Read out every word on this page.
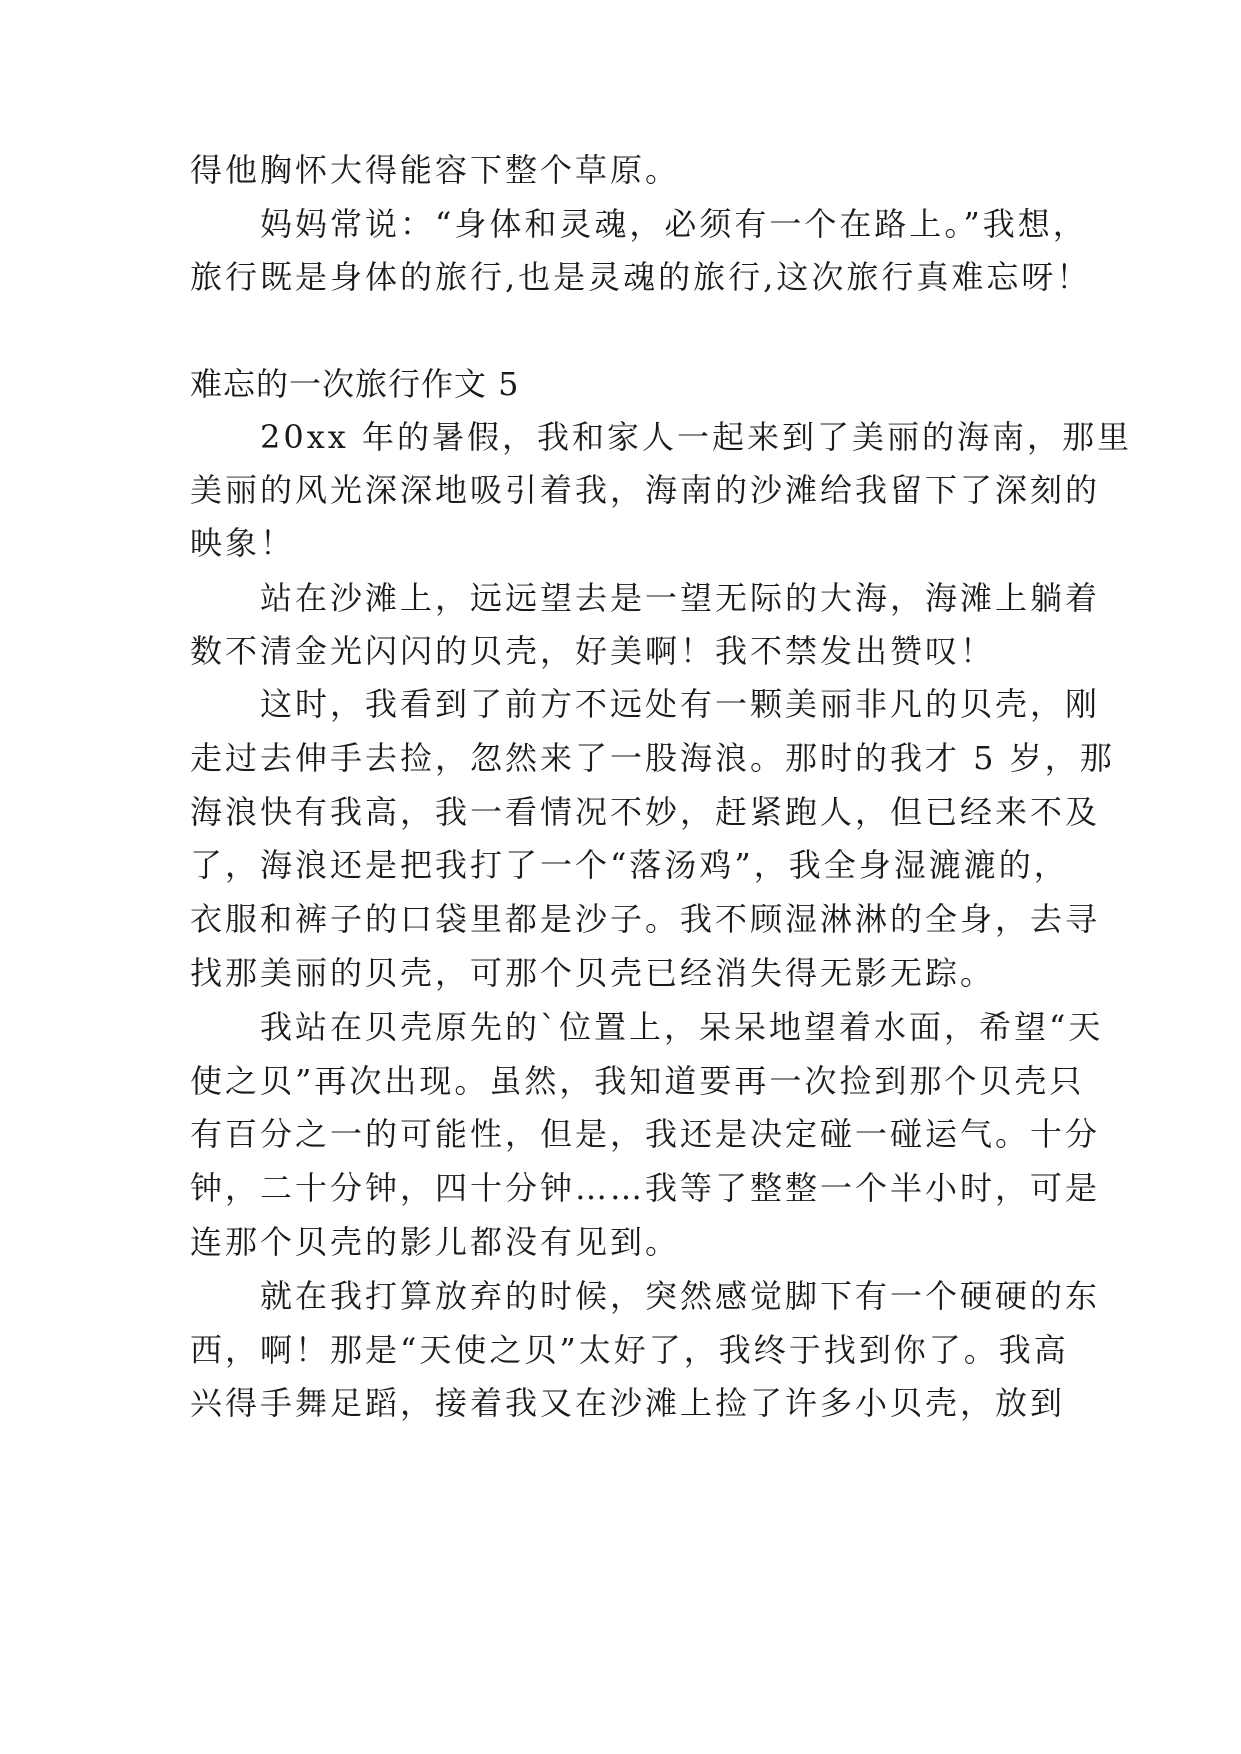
得他胸怀大得能容下整个草原。
　　妈妈常说：“身体和灵魂，必须有一个在路上。”我想，
旅行既是身体的旅行,也是灵魂的旅行,这次旅行真难忘呀！
难忘的一次旅行作文 5
　　20xx 年的暑假，我和家人一起来到了美丽的海南，那里
美丽的风光深深地吸引着我，海南的沙滩给我留下了深刻的
映象！
　　站在沙滩上，远远望去是一望无际的大海，海滩上躺着
数不清金光闪闪的贝壳，好美啊！我不禁发出赞叹！
　　这时，我看到了前方不远处有一颗美丽非凡的贝壳，刚
走过去伸手去捡，忽然来了一股海浪。那时的我才 5 岁，那
海浪快有我高，我一看情况不妙，赶紧跑人，但已经来不及
了，海浪还是把我打了一个“落汤鸡”，我全身湿漉漉的，
衣服和裤子的口袋里都是沙子。我不顾湿淋淋的全身，去寻
找那美丽的贝壳，可那个贝壳已经消失得无影无踪。
　　我站在贝壳原先的`位置上，呆呆地望着水面，希望“天
使之贝”再次出现。虽然，我知道要再一次捡到那个贝壳只
有百分之一的可能性，但是，我还是决定碰一碰运气。十分
钟，二十分钟，四十分钟……我等了整整一个半小时，可是
连那个贝壳的影儿都没有见到。
　　就在我打算放弃的时候，突然感觉脚下有一个硬硬的东
西，啊！那是“天使之贝”太好了，我终于找到你了。我高
兴得手舞足蹈，接着我又在沙滩上捡了许多小贝壳，放到
